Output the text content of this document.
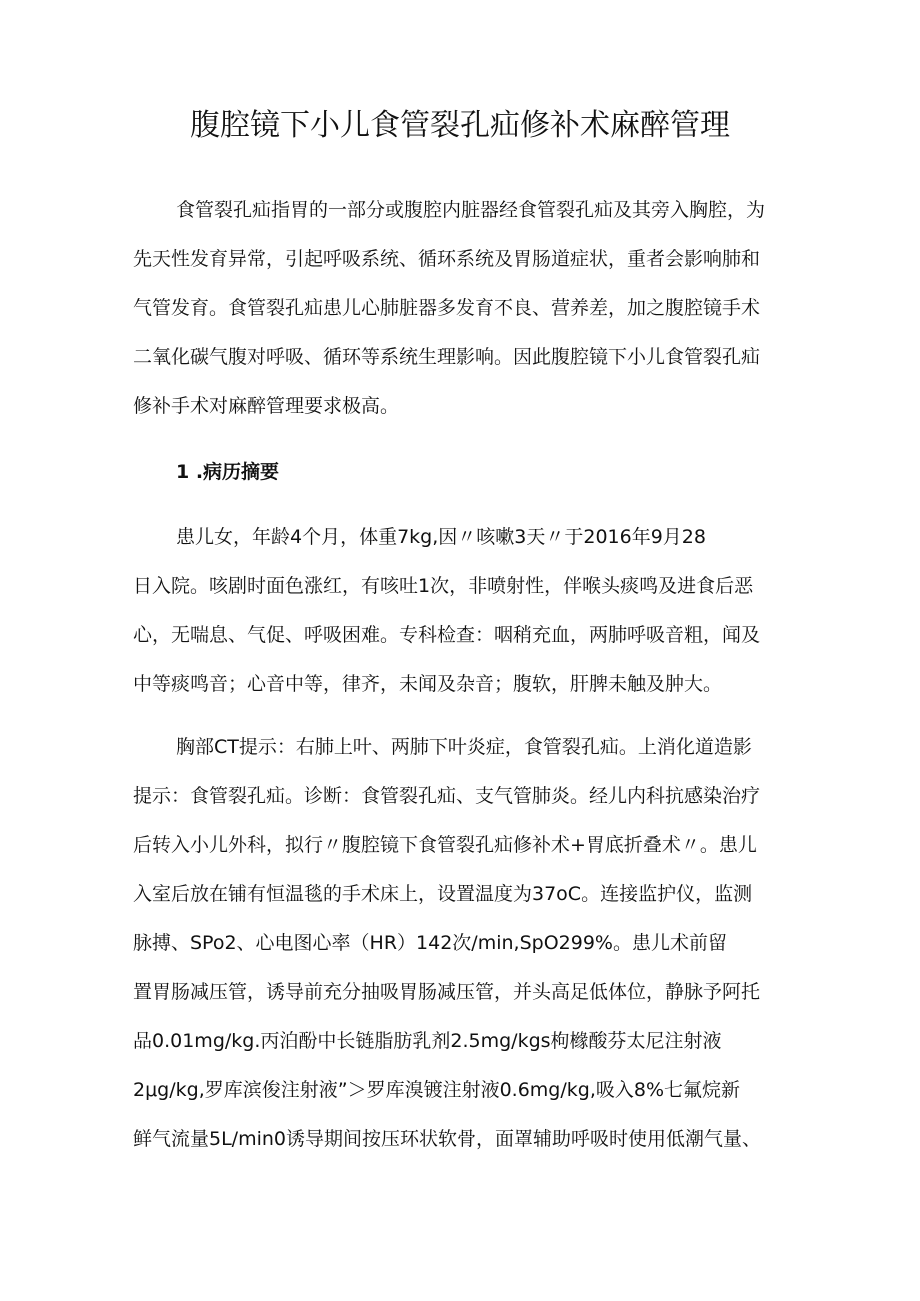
腹腔镜下小儿食管裂孔疝修补术麻醉管理
食管裂孔疝指胃的一部分或腹腔内脏器经食管裂孔疝及其旁入胸腔，为
先天性发育异常，引起呼吸系统、循环系统及胃肠道症状，重者会影响肺和
气管发育。食管裂孔疝患儿心肺脏器多发育不良、营养差，加之腹腔镜手术
二氧化碳气腹对呼吸、循环等系统生理影响。因此腹腔镜下小儿食管裂孔疝
修补手术对麻醉管理要求极高。
1 .病历摘要
患儿女，年龄4个月，体重7kg,因〃咳嗽3天〃于2016年9月28
日入院。咳剧时面色涨红，有咳吐1次，非喷射性，伴喉头痰鸣及进食后恶
心，无喘息、气促、呼吸困难。专科检查：咽稍充血，两肺呼吸音粗，闻及
中等痰鸣音；心音中等，律齐，未闻及杂音；腹软，肝脾未触及肿大。
胸部CT提示：右肺上叶、两肺下叶炎症，食管裂孔疝。上消化道造影
提示：食管裂孔疝。诊断：食管裂孔疝、支气管肺炎。经儿内科抗感染治疗
后转入小儿外科，拟行〃腹腔镜下食管裂孔疝修补术+胃底折叠术〃。患儿
入室后放在铺有恒温毯的手术床上，设置温度为37oC。连接监护仪，监测
脉搏、SPo2、心电图心率（HR）142次/min,SpO299%。患儿术前留
置胃肠减压管，诱导前充分抽吸胃肠减压管，并头高足低体位，静脉予阿托
品0.01mg/kg.丙泊酚中长链脂肪乳剂2.5mg/kgs枸橼酸芬太尼注射液
2μg/kg,罗库滨俊注射液”＞罗库溴镀注射液0.6mg/kg,吸入8%七氟烷新
鲜气流量5L/min0诱导期间按压环状软骨，面罩辅助呼吸时使用低潮气量、
